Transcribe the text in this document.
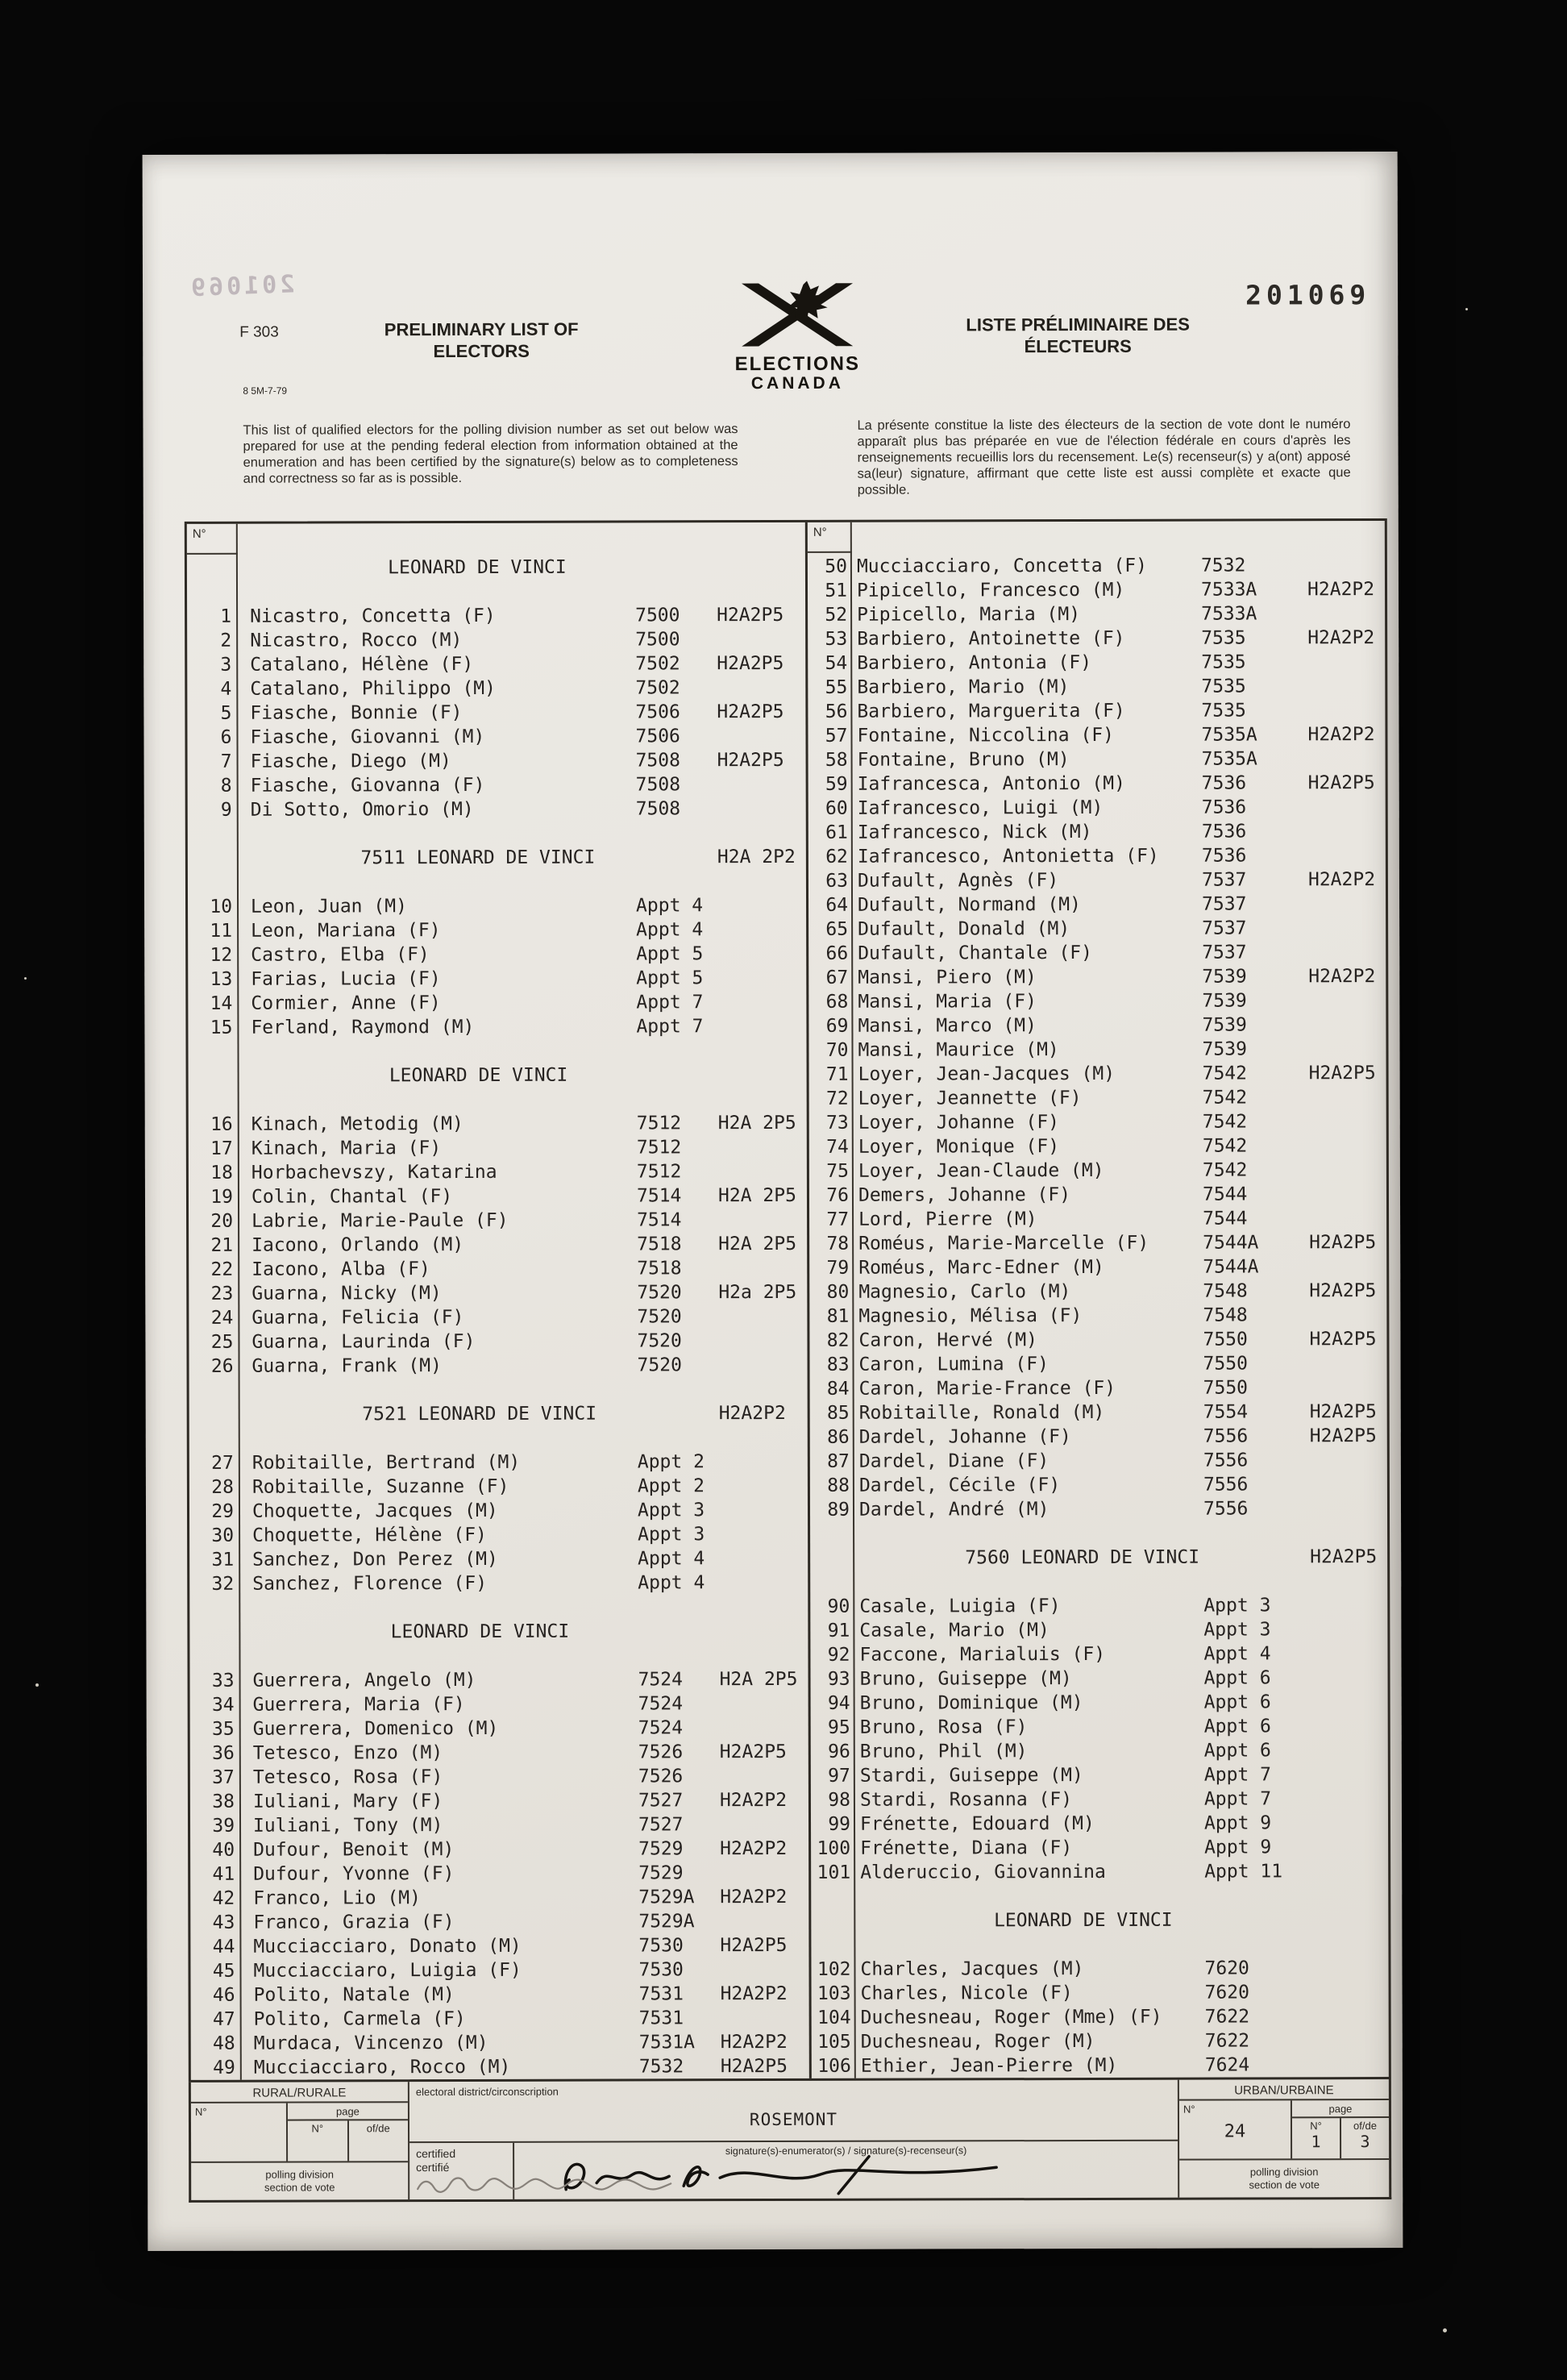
201069	201069
F 303	PRELIMINARY LIST OF
ELECTORS
8 5M-7-79
ELECTIONS
CANADA
LISTE PRÉLIMINAIRE DES
ÉLECTEURS

This list of qualified electors for the polling division number as set out below was prepared for use at the pending federal election from information obtained at the enumeration and has been certified by the signature(s) below as to completeness and correctness so far as is possible.

La présente constitue la liste des électeurs de la section de vote dont le numéro apparaît plus bas préparée en vue de l'élection fédérale en cours d'après les renseignements recueillis lors du recensement. Le(s) recenseur(s) y a(ont) apposé sa(leur) signature, affirmant que cette liste est aussi complète et exacte que possible.

N°
LEONARD DE VINCI
1 Nicastro, Concetta (F)	7500	H2A2P5
2 Nicastro, Rocco (M)	7500
3 Catalano, Hélène (F)	7502	H2A2P5
4 Catalano, Philippo (M)	7502
5 Fiasche, Bonnie (F)	7506	H2A2P5
6 Fiasche, Giovanni (M)	7506
7 Fiasche, Diego (M)	7508	H2A2P5
8 Fiasche, Giovanna (F)	7508
9 Di Sotto, Omorio (M)	7508
7511 LEONARD DE VINCI	H2A 2P2
10 Leon, Juan (M)	Appt 4
11 Leon, Mariana (F)	Appt 4
12 Castro, Elba (F)	Appt 5
13 Farias, Lucia (F)	Appt 5
14 Cormier, Anne (F)	Appt 7
15 Ferland, Raymond (M)	Appt 7
LEONARD DE VINCI
16 Kinach, Metodig (M)	7512	H2A 2P5
17 Kinach, Maria (F)	7512
18 Horbachevszy, Katarina	7512
19 Colin, Chantal (F)	7514	H2A 2P5
20 Labrie, Marie-Paule (F)	7514
21 Iacono, Orlando (M)	7518	H2A 2P5
22 Iacono, Alba (F)	7518
23 Guarna, Nicky (M)	7520	H2a 2P5
24 Guarna, Felicia (F)	7520
25 Guarna, Laurinda (F)	7520
26 Guarna, Frank (M)	7520
7521 LEONARD DE VINCI	H2A2P2
27 Robitaille, Bertrand (M)	Appt 2
28 Robitaille, Suzanne (F)	Appt 2
29 Choquette, Jacques (M)	Appt 3
30 Choquette, Hélène (F)	Appt 3
31 Sanchez, Don Perez (M)	Appt 4
32 Sanchez, Florence (F)	Appt 4
LEONARD DE VINCI
33 Guerrera, Angelo (M)	7524	H2A 2P5
34 Guerrera, Maria (F)	7524
35 Guerrera, Domenico (M)	7524
36 Tetesco, Enzo (M)	7526	H2A2P5
37 Tetesco, Rosa (F)	7526
38 Iuliani, Mary (F)	7527	H2A2P2
39 Iuliani, Tony (M)	7527
40 Dufour, Benoit (M)	7529	H2A2P2
41 Dufour, Yvonne (F)	7529
42 Franco, Lio (M)	7529A	H2A2P2
43 Franco, Grazia (F)	7529A
44 Mucciacciaro, Donato (M)	7530	H2A2P5
45 Mucciacciaro, Luigia (F)	7530
46 Polito, Natale (M)	7531	H2A2P2
47 Polito, Carmela (F)	7531
48 Murdaca, Vincenzo (M)	7531A	H2A2P2
49 Mucciacciaro, Rocco (M)	7532	H2A2P5
N°
50 Mucciacciaro, Concetta (F)	7532
51 Pipicello, Francesco (M)	7533A	H2A2P2
52 Pipicello, Maria (M)	7533A
53 Barbiero, Antoinette (F)	7535	H2A2P2
54 Barbiero, Antonia (F)	7535
55 Barbiero, Mario (M)	7535
56 Barbiero, Marguerita (F)	7535
57 Fontaine, Niccolina (F)	7535A	H2A2P2
58 Fontaine, Bruno (M)	7535A
59 Iafrancesca, Antonio (M)	7536	H2A2P5
60 Iafrancesco, Luigi (M)	7536
61 Iafrancesco, Nick (M)	7536
62 Iafrancesco, Antonietta (F)	7536
63 Dufault, Agnès (F)	7537	H2A2P2
64 Dufault, Normand (M)	7537
65 Dufault, Donald (M)	7537
66 Dufault, Chantale (F)	7537
67 Mansi, Piero (M)	7539	H2A2P2
68 Mansi, Maria (F)	7539
69 Mansi, Marco (M)	7539
70 Mansi, Maurice (M)	7539
71 Loyer, Jean-Jacques (M)	7542	H2A2P5
72 Loyer, Jeannette (F)	7542
73 Loyer, Johanne (F)	7542
74 Loyer, Monique (F)	7542
75 Loyer, Jean-Claude (M)	7542
76 Demers, Johanne (F)	7544
77 Lord, Pierre (M)	7544
78 Roméus, Marie-Marcelle (F)	7544A	H2A2P5
79 Roméus, Marc-Edner (M)	7544A
80 Magnesio, Carlo (M)	7548	H2A2P5
81 Magnesio, Mélisa (F)	7548
82 Caron, Hervé (M)	7550	H2A2P5
83 Caron, Lumina (F)	7550
84 Caron, Marie-France (F)	7550
85 Robitaille, Ronald (M)	7554	H2A2P5
86 Dardel, Johanne (F)	7556	H2A2P5
87 Dardel, Diane (F)	7556
88 Dardel, Cécile (F)	7556
89 Dardel, André (M)	7556
7560 LEONARD DE VINCI	H2A2P5
90 Casale, Luigia (F)	Appt 3
91 Casale, Mario (M)	Appt 3
92 Faccone, Marialuis (F)	Appt 4
93 Bruno, Guiseppe (M)	Appt 6
94 Bruno, Dominique (M)	Appt 6
95 Bruno, Rosa (F)	Appt 6
96 Bruno, Phil (M)	Appt 6
97 Stardi, Guiseppe (M)	Appt 7
98 Stardi, Rosanna (F)	Appt 7
99 Frénette, Edouard (M)	Appt 9
100 Frénette, Diana (F)	Appt 9
101 Alderuccio, Giovannina	Appt 11
LEONARD DE VINCI
102 Charles, Jacques (M)	7620
103 Charles, Nicole (F)	7620
104 Duchesneau, Roger (Mme) (F)	7622
105 Duchesneau, Roger (M)	7622
106 Ethier, Jean-Pierre (M)	7624
RURAL/RURALE
N°	page
N°	of/de
polling division
section de vote
electoral district/circonscription
ROSEMONT
certified
certifié
signature(s)-enumerator(s) / signature(s)-recenseur(s)
URBAN/URBAINE
N°
24
page
N°
1
of/de
3
polling division
section de vote
